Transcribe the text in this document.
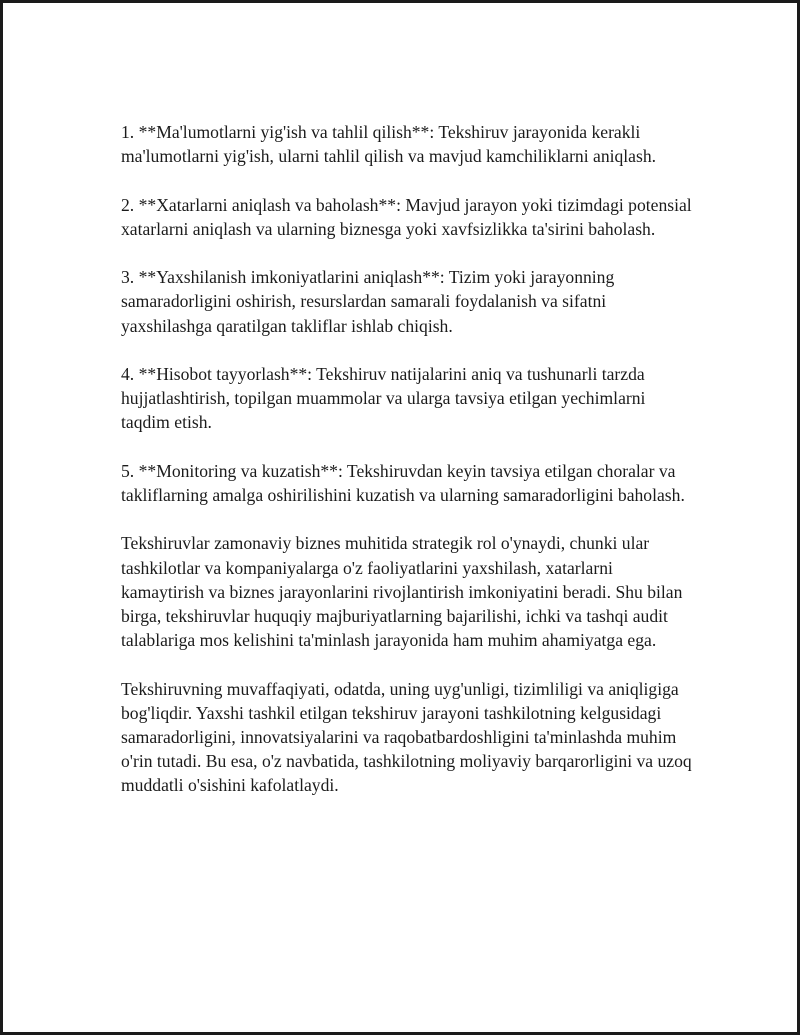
1. **Ma'lumotlarni yig'ish va tahlil qilish**: Tekshiruv jarayonida kerakli ma'lumotlarni yig'ish, ularni tahlil qilish va mavjud kamchiliklarni aniqlash.

2. **Xatarlarni aniqlash va baholash**: Mavjud jarayon yoki tizimdagi potensial xatarlarni aniqlash va ularning biznesga yoki xavfsizlikka ta'sirini baholash.

3. **Yaxshilanish imkoniyatlarini aniqlash**: Tizim yoki jarayonning samaradorligini oshirish, resurslardan samarali foydalanish va sifatni yaxshilashga qaratilgan takliflar ishlab chiqish.

4. **Hisobot tayyorlash**: Tekshiruv natijalarini aniq va tushunarli tarzda hujjatlashtirish, topilgan muammolar va ularga tavsiya etilgan yechimlarni taqdim etish.

5. **Monitoring va kuzatish**: Tekshiruvdan keyin tavsiya etilgan choralar va takliflarning amalga oshirilishini kuzatish va ularning samaradorligini baholash.

Tekshiruvlar zamonaviy biznes muhitida strategik rol o'ynaydi, chunki ular tashkilotlar va kompaniyalarga o'z faoliyatlarini yaxshilash, xatarlarni kamaytirish va biznes jarayonlarini rivojlantirish imkoniyatini beradi. Shu bilan birga, tekshiruvlar huquqiy majburiyatlarning bajarilishi, ichki va tashqi audit talablariga mos kelishini ta'minlash jarayonida ham muhim ahamiyatga ega.

Tekshiruvning muvaffaqiyati, odatda, uning uyg'unligi, tizimliligi va aniqligiga bog'liqdir. Yaxshi tashkil etilgan tekshiruv jarayoni tashkilotning kelgusidagi samaradorligini, innovatsiyalarini va raqobatbardoshligini ta'minlashda muhim o'rin tutadi. Bu esa, o'z navbatida, tashkilotning moliyaviy barqarorligini va uzoq muddatli o'sishini kafolatlaydi.
